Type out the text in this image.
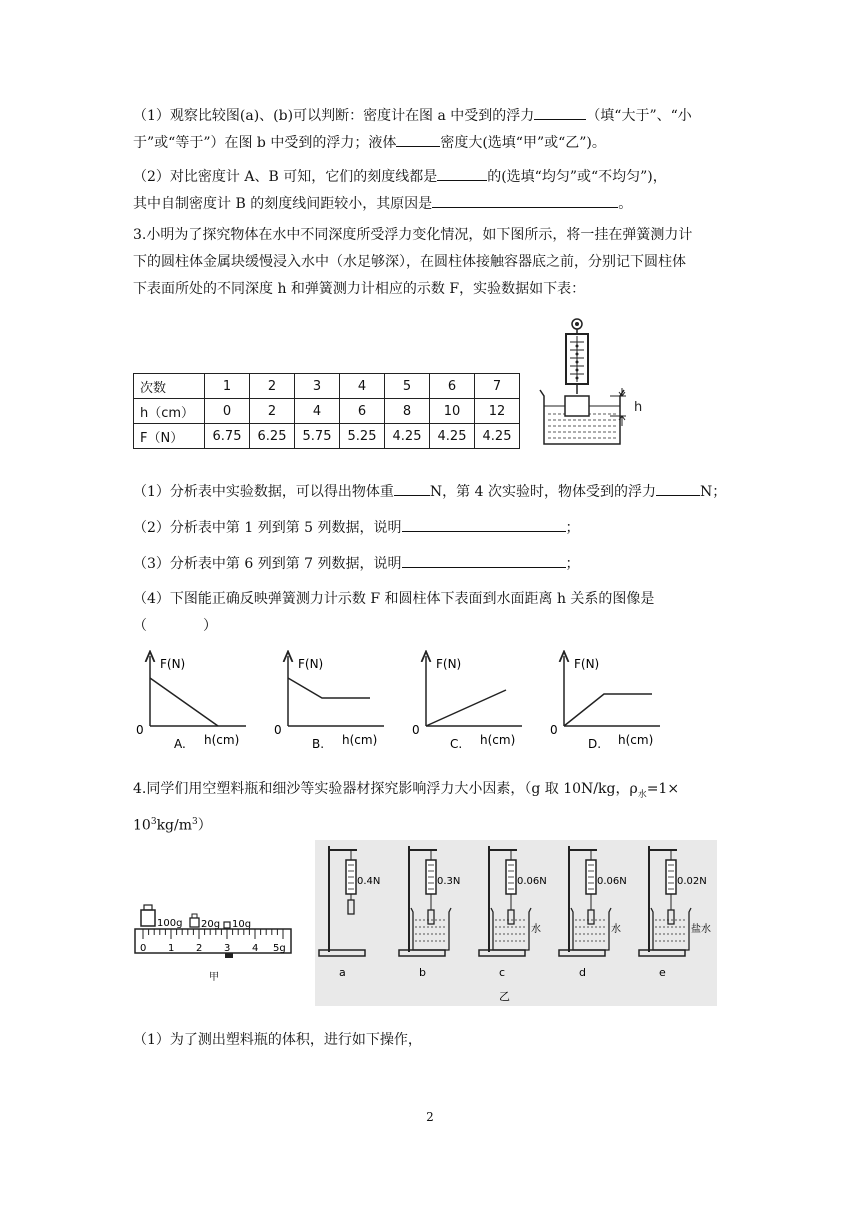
（1）观察比较图(a)、(b)可以判断：密度计在图 a 中受到的浮力	（填“大于”、“小
于”或“等于”）在图 b 中受到的浮力；液体	密度大(选填“甲”或“乙”)。

（2）对比密度计 A、B 可知，它们的刻度线都是	的(选填“均匀”或“不均匀”)，
其中自制密度计 B 的刻度线间距较小，其原因是	。

3.小明为了探究物体在水中不同深度所受浮力变化情况，如下图所示，将一挂在弹簧测力计
下的圆柱体金属块缓慢浸入水中（水足够深），在圆柱体接触容器底之前，分别记下圆柱体
下表面所处的不同深度 h 和弹簧测力计相应的示数 F，实验数据如下表：

次数	1	2	3	4	5	6	7
h（cm）	0	2	4	6	8	10	12
F（N）	6.75	6.25	5.75	5.25	4.25	4.25	4.25
h

（1）分析表中实验数据，可以得出物体重	N，第 4 次实验时，物体受到的浮力	N；

（2）分析表中第 1 列到第 5 列数据，说明	；

（3）分析表中第 6 列到第 7 列数据，说明	；

（4）下图能正确反映弹簧测力计示数 F 和圆柱体下表面到水面距离 h 关系的图像是
（　　　　）

F(N)
0
A. h(cm)
F(N)
0
B. h(cm)
F(N)
0
C. h(cm)
F(N)
0
D. h(cm)

4.同学们用空塑料瓶和细沙等实验器材探究影响浮力大小因素，（g 取 10N/kg，$\rho_水=1\times$
$10^3kg/m^3$）

100g 20g 10g
0 1 2 3 4 5g
甲
0.4N
a
0.3N
b
0.06N
水
c
0.06N
水
d
0.02N
盐水
e
乙

（1）为了测出塑料瓶的体积，进行如下操作，

2
